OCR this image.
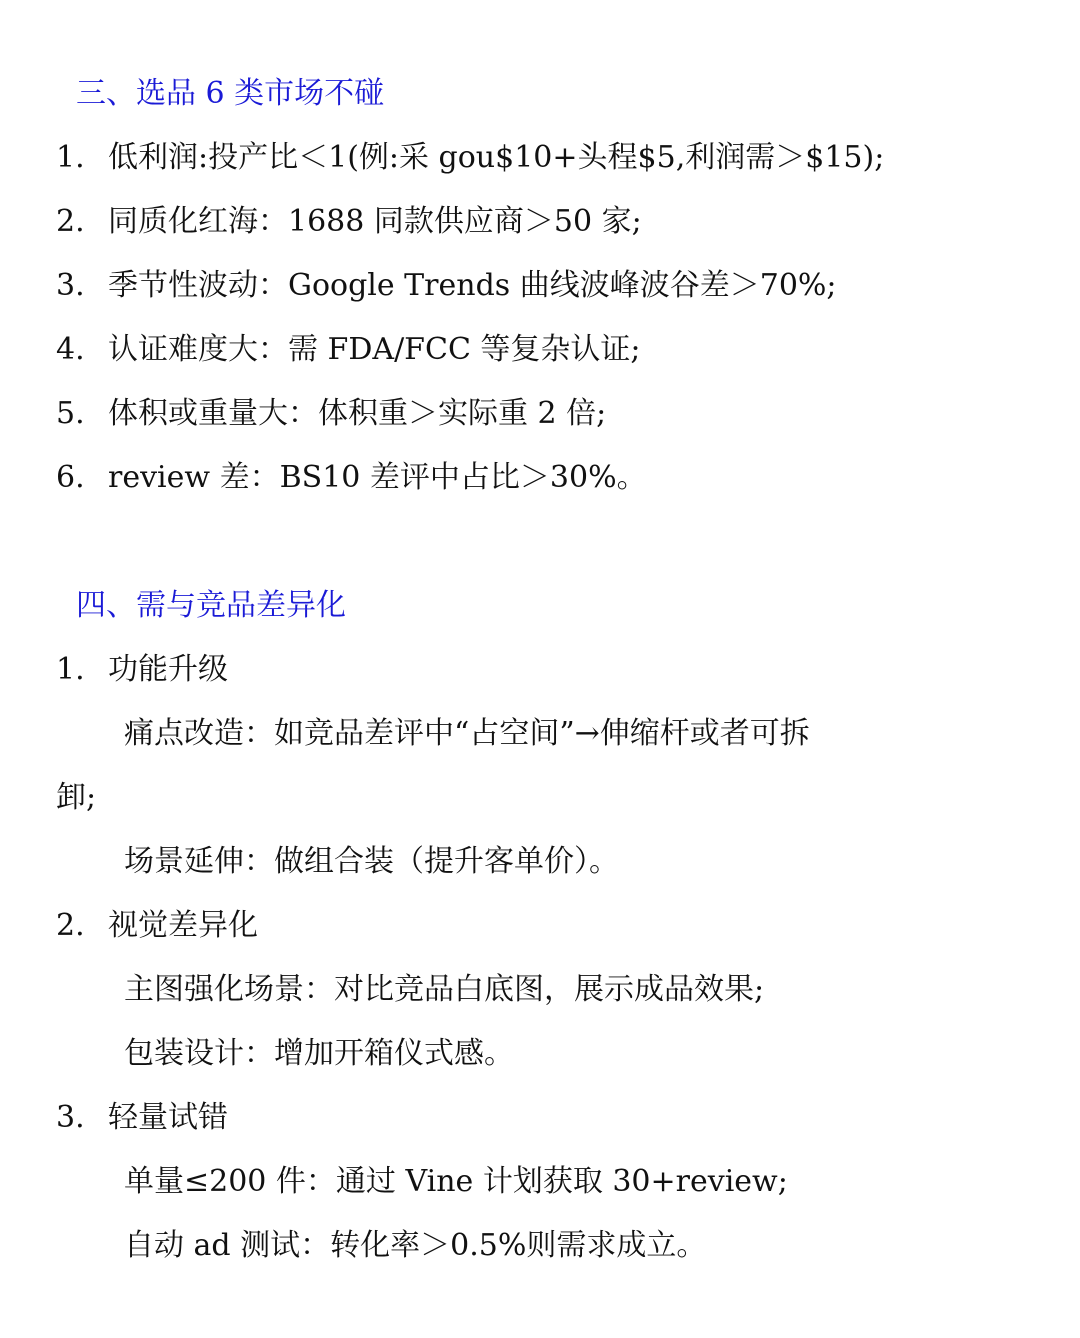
三、选品 6 类市场不碰
1. 低利润:投产比＜1(例:采 gou$10+头程$5,利润需＞$15);
2. 同质化红海：1688 同款供应商＞50 家;
3. 季节性波动：Google Trends 曲线波峰波谷差＞70%;
4. 认证难度大：需 FDA/FCC 等复杂认证;
5. 体积或重量大：体积重＞实际重 2 倍;
6. review 差：BS10 差评中占比＞30%。
四、需与竞品差异化
1. 功能升级
痛点改造：如竞品差评中“占空间”→伸缩杆或者可拆
卸;
场景延伸：做组合装（提升客单价）。
2. 视觉差异化
主图强化场景：对比竞品白底图，展示成品效果;
包装设计：增加开箱仪式感。
3. 轻量试错
单量≤200 件：通过 Vine 计划获取 30+review;
自动 ad 测试：转化率＞0.5%则需求成立。
